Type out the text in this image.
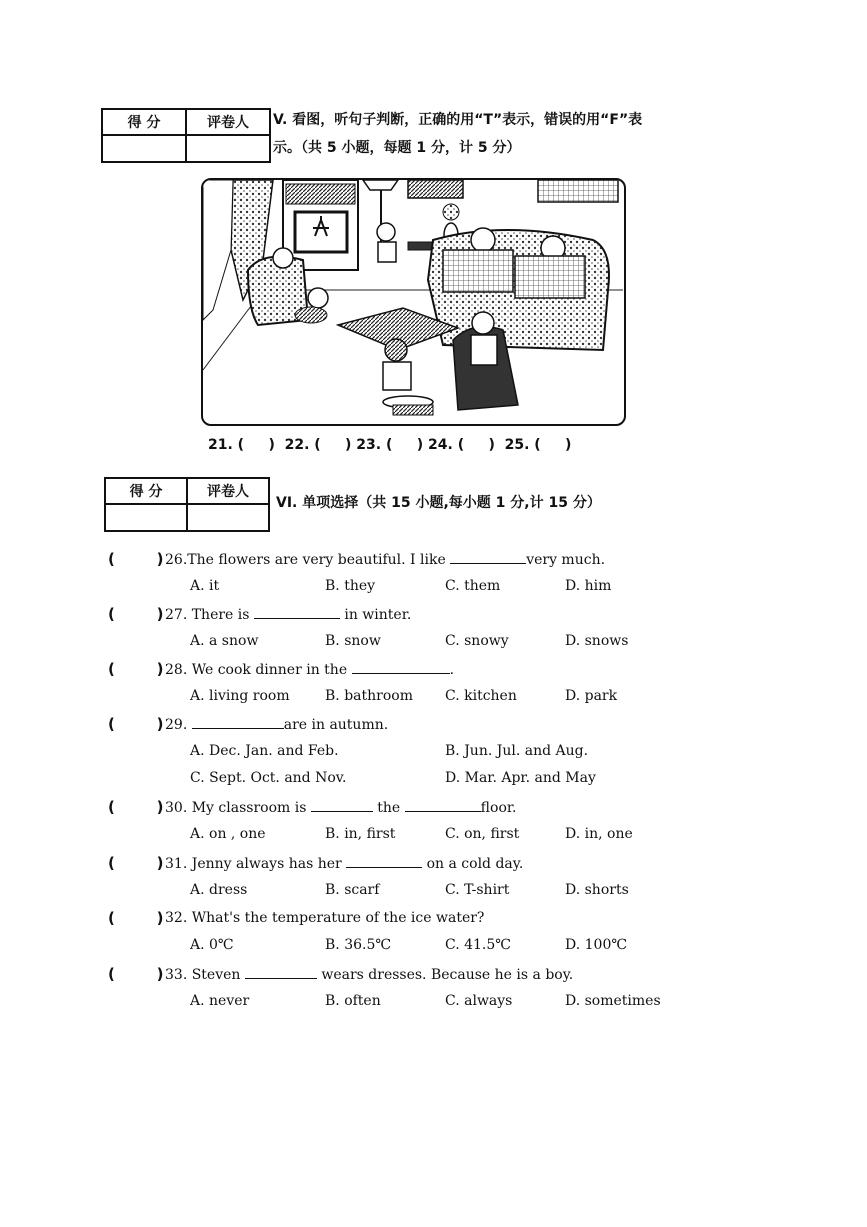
得 分	评卷人
	V. 看图，听句子判断，正确的用“T”表示，错误的用“F”表
示。（共 5 小题，每题 1 分，计 5 分）
21. (     )  22. (     ) 23. (     ) 24. (     )  25. (     )
得 分	评卷人

VI. 单项选择（共 15 小题,每小题 1 分,计 15 分）
(        ) 26.The flowers are very beautiful. I like	very much.
A. it	B. they	C. them	D. him
(        ) 27. There is	in winter.
A. a snow	B. snow	C. snowy	D. snows
(        ) 28. We cook dinner in the	.
A. living room	B. bathroom C. kitchen	D. park
(        ) 29.	are in autumn.
A. Dec. Jan. and Feb.	B. Jun. Jul. and Aug.
C. Sept. Oct. and Nov.	D. Mar. Apr. and May
(        ) 30. My classroom is	the	floor.
A. on , one	B. in, first	C. on, first	D. in, one
(        ) 31. Jenny always has her	on a cold day.
A. dress	B. scarf	C. T-shirt	D. shorts
(        ) 32. What's the temperature of the ice water?
A. 0℃	B. 36.5℃	C. 41.5℃	D. 100℃
(        ) 33. Steven	wears dresses. Because he is a boy.
A. never	B. often	C. always	D. sometimes
